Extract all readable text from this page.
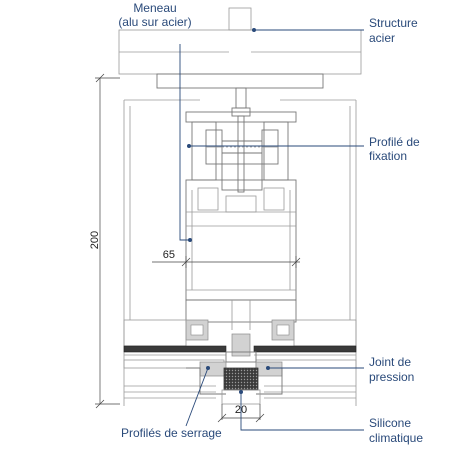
200
65
20
Meneau
(alu sur acier)	Structure
acier
Profilé de
fixation
Joint de
pression
Profilés de serrage
Silicone
climatique
